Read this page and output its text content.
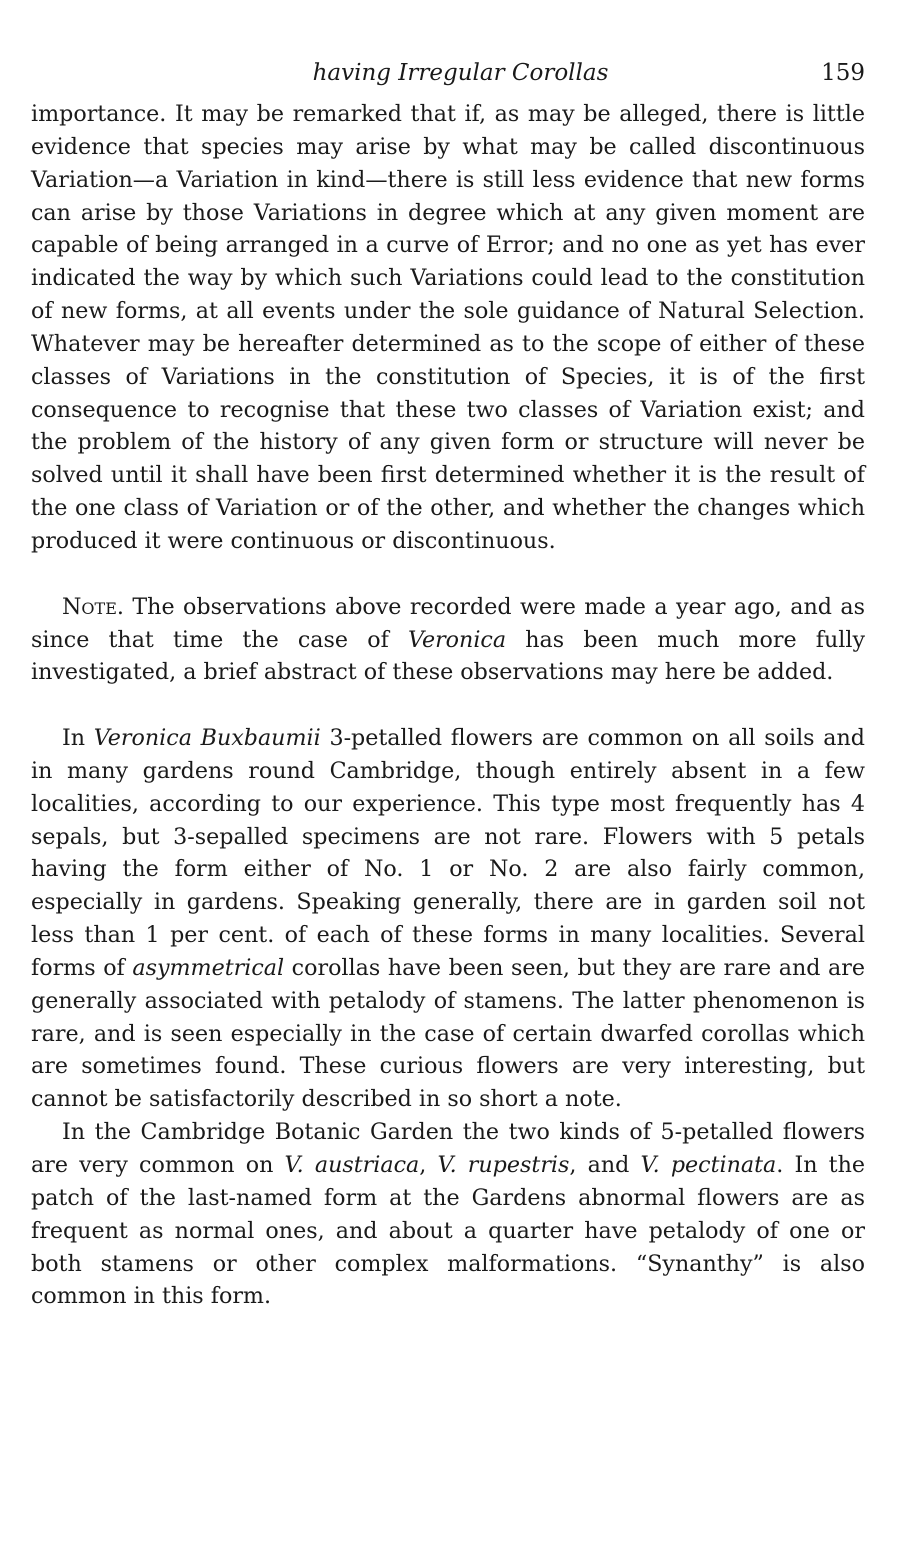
having Irregular Corollas	159

importance. It may be remarked that if, as may be alleged, there is little evidence that species may arise by what may be called discontinuous Variation—a Variation in kind—there is still less evidence that new forms can arise by those Variations in degree which at any given moment are capable of being arranged in a curve of Error; and no one as yet has ever indicated the way by which such Variations could lead to the constitution of new forms, at all events under the sole guidance of Natural Selection. Whatever may be hereafter determined as to the scope of either of these classes of Variations in the constitution of Species, it is of the first consequence to recognise that these two classes of Variation exist; and the problem of the history of any given form or structure will never be solved until it shall have been first determined whether it is the result of the one class of Variation or of the other, and whether the changes which produced it were continuous or discontinuous.

Note. The observations above recorded were made a year ago, and as since that time the case of Veronica has been much more fully investigated, a brief abstract of these observations may here be added.

In Veronica Buxbaumii 3-petalled flowers are common on all soils and in many gardens round Cambridge, though entirely absent in a few localities, according to our experience. This type most frequently has 4 sepals, but 3-sepalled specimens are not rare. Flowers with 5 petals having the form either of No. 1 or No. 2 are also fairly common, especially in gardens. Speaking generally, there are in garden soil not less than 1 per cent. of each of these forms in many localities. Several forms of asymmetrical corollas have been seen, but they are rare and are generally associated with petalody of stamens. The latter phenomenon is rare, and is seen especially in the case of certain dwarfed corollas which are sometimes found. These curious flowers are very interesting, but cannot be satisfactorily described in so short a note.

In the Cambridge Botanic Garden the two kinds of 5-petalled flowers are very common on V. austriaca, V. rupestris, and V. pectinata. In the patch of the last-named form at the Gardens abnormal flowers are as frequent as normal ones, and about a quarter have petalody of one or both stamens or other complex malformations. “Synanthy” is also common in this form.
